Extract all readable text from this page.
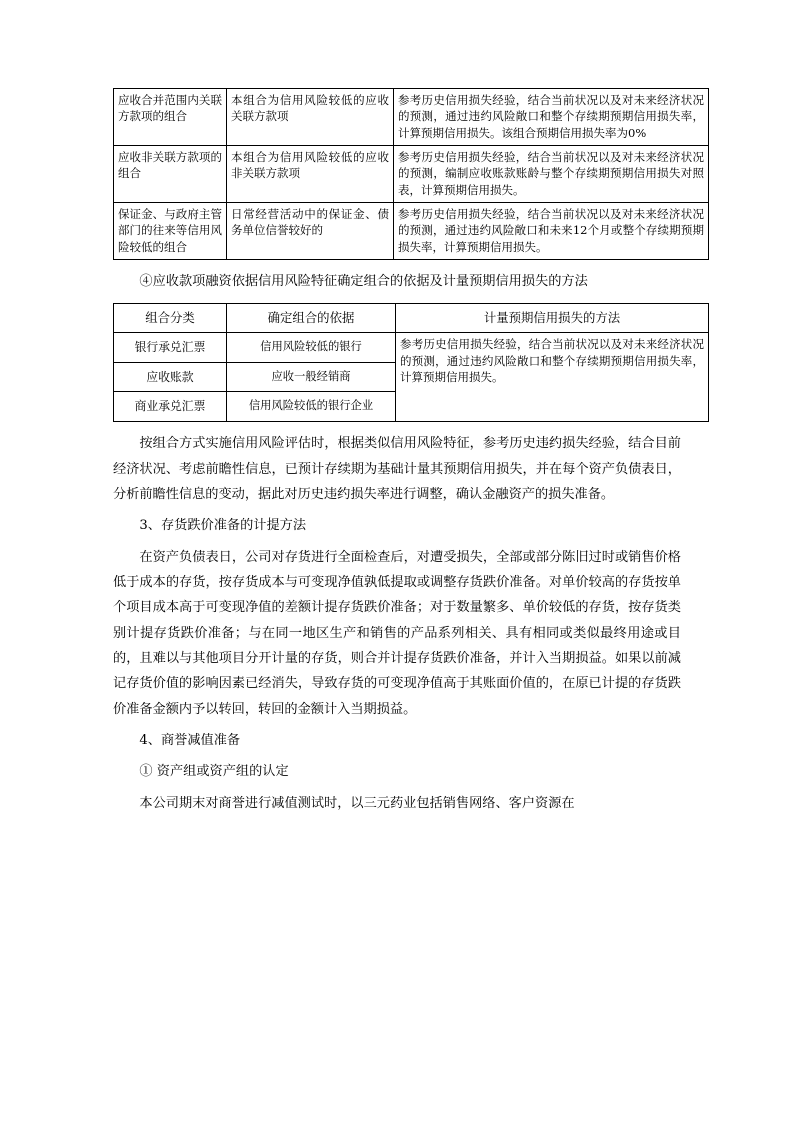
应收合并范围内关联方款项的组合	本组合为信用风险较低的应收关联方款项	参考历史信用损失经验，结合当前状况以及对未来经济状况的预测，通过违约风险敞口和整个存续期预期信用损失率，计算预期信用损失。该组合预期信用损失率为0%
应收非关联方款项的组合	本组合为信用风险较低的应收非关联方款项	参考历史信用损失经验，结合当前状况以及对未来经济状况的预测，编制应收账款账龄与整个存续期预期信用损失对照表，计算预期信用损失。
保证金、与政府主管部门的往来等信用风险较低的组合	日常经营活动中的保证金、债务单位信誉较好的	参考历史信用损失经验，结合当前状况以及对未来经济状况的预测，通过违约风险敞口和未来12个月或整个存续期预期损失率，计算预期信用损失。

④应收款项融资依据信用风险特征确定组合的依据及计量预期信用损失的方法

组合分类	确定组合的依据	计量预期信用损失的方法
银行承兑汇票	信用风险较低的银行	参考历史信用损失经验，结合当前状况以及对未来经济状况的预测，通过违约风险敞口和整个存续期预期信用损失率，计算预期信用损失。
应收账款	应收一般经销商	
商业承兑汇票	信用风险较低的银行企业	

按组合方式实施信用风险评估时，根据类似信用风险特征，参考历史违约损失经验，结合目前经济状况、考虑前瞻性信息，已预计存续期为基础计量其预期信用损失，并在每个资产负债表日，分析前瞻性信息的变动，据此对历史违约损失率进行调整，确认金融资产的损失准备。

3、存货跌价准备的计提方法

在资产负债表日，公司对存货进行全面检查后，对遭受损失，全部或部分陈旧过时或销售价格低于成本的存货，按存货成本与可变现净值孰低提取或调整存货跌价准备。对单价较高的存货按单个项目成本高于可变现净值的差额计提存货跌价准备；对于数量繁多、单价较低的存货，按存货类别计提存货跌价准备；与在同一地区生产和销售的产品系列相关、具有相同或类似最终用途或目的，且难以与其他项目分开计量的存货，则合并计提存货跌价准备，并计入当期损益。如果以前减记存货价值的影响因素已经消失，导致存货的可变现净值高于其账面价值的，在原已计提的存货跌价准备金额内予以转回，转回的金额计入当期损益。

4、商誉减值准备

① 资产组或资产组的认定

本公司期末对商誉进行减值测试时，以三元药业包括销售网络、客户资源在
